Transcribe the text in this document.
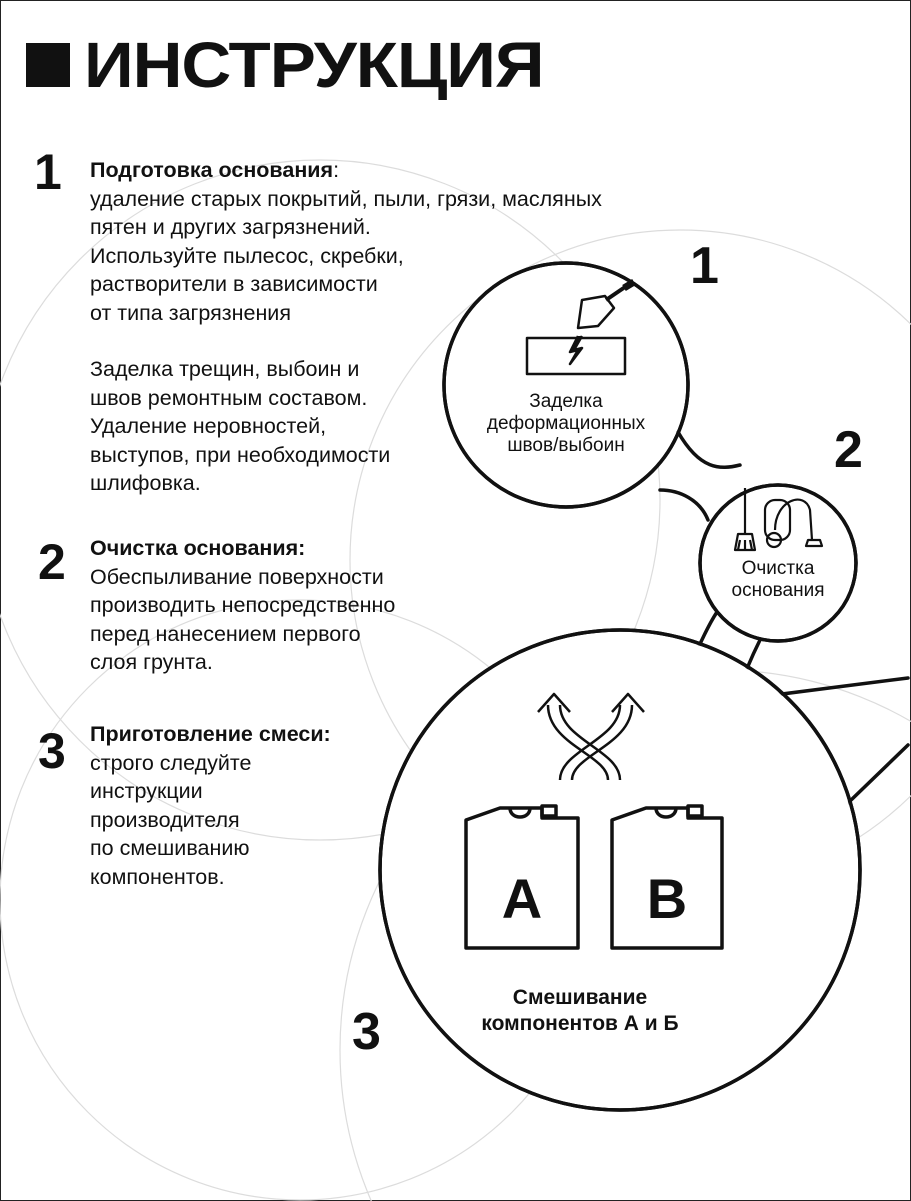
ИНСТРУКЦИЯ
1 Подготовка основания:

удаление старых покрытий, пыли, грязи, масляных
пятен и других загрязнений.
Используйте пылесос, скребки,
растворители в зависимости
от типа загрязнения

Заделка трещин, выбоин и
швов ремонтным составом.
Удаление неровностей,
выступов, при необходимости
шлифовка.

2 Очистка основания:

Обеспыливание поверхности
производить непосредственно
перед нанесением первого
слоя грунта.

3 Приготовление смеси:

строго следуйте
инструкции
производителя
по смешиванию
компонентов.	A B
1
2
3
Заделка
деформационных
швов/выбоин
Очистка
основания
Смешивание
компонентов А и Б
